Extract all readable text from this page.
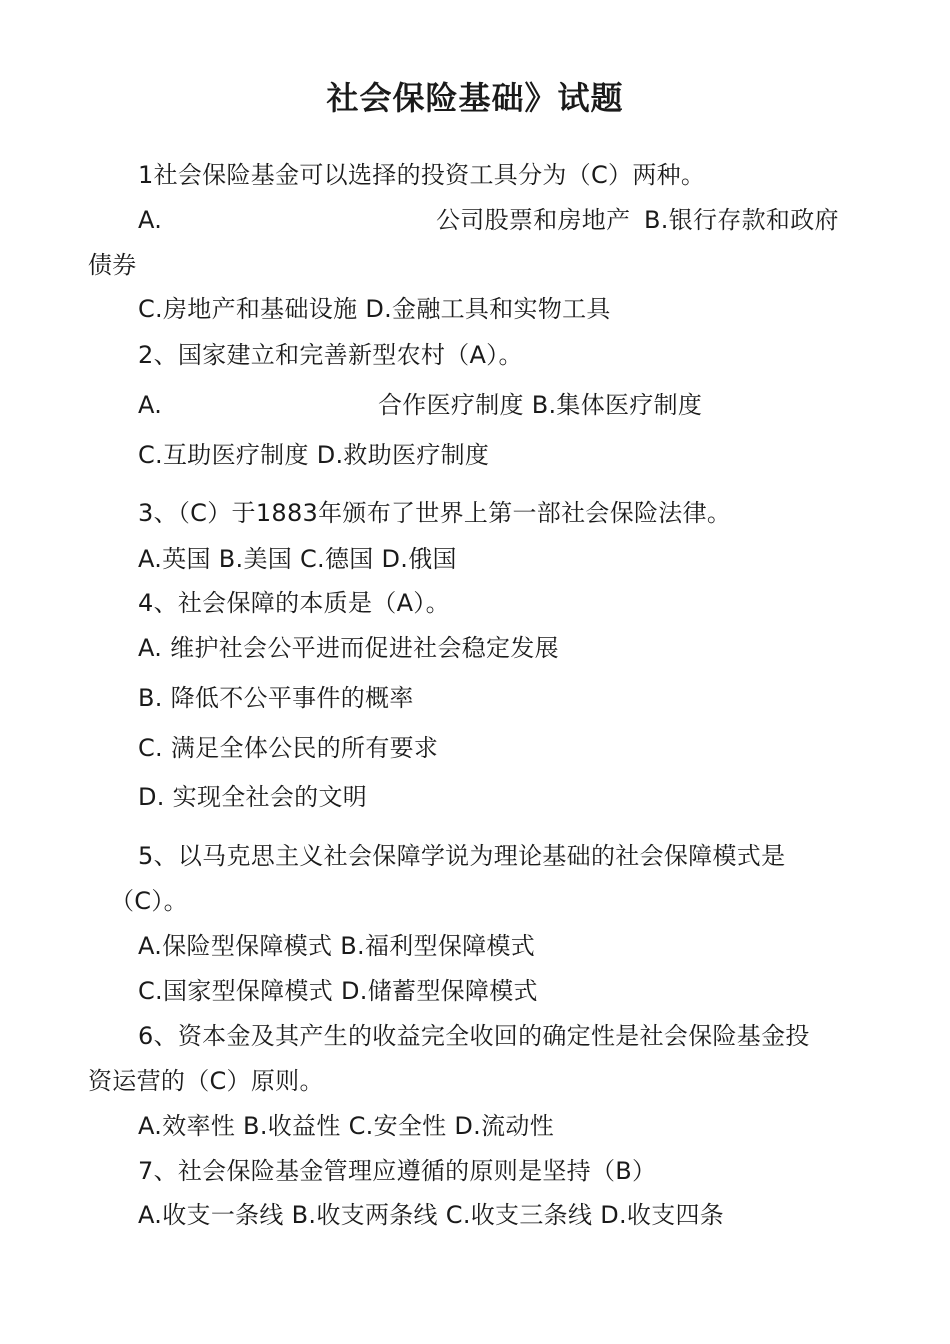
社会保险基础》试题
1社会保险基金可以选择的投资工具分为（C）两种。
A.	公司股票和房地产 B.银行存款和政府
债券
C.房地产和基础设施 D.金融工具和实物工具
2、国家建立和完善新型农村（A）。
A.	合作医疗制度 B.集体医疗制度
C.互助医疗制度 D.救助医疗制度
3、（C）于1883年颁布了世界上第一部社会保险法律。
A.英国 B.美国 C.德国 D.俄国
4、社会保障的本质是（A）。
A. 维护社会公平进而促进社会稳定发展
B. 降低不公平事件的概率
C. 满足全体公民的所有要求
D. 实现全社会的文明
5、以马克思主义社会保障学说为理论基础的社会保障模式是
（C）。
A.保险型保障模式 B.福利型保障模式
C.国家型保障模式 D.储蓄型保障模式
6、资本金及其产生的收益完全收回的确定性是社会保险基金投
资运营的（C）原则。
A.效率性 B.收益性 C.安全性 D.流动性
7、社会保险基金管理应遵循的原则是坚持（B）
A.收支一条线 B.收支两条线 C.收支三条线 D.收支四条
